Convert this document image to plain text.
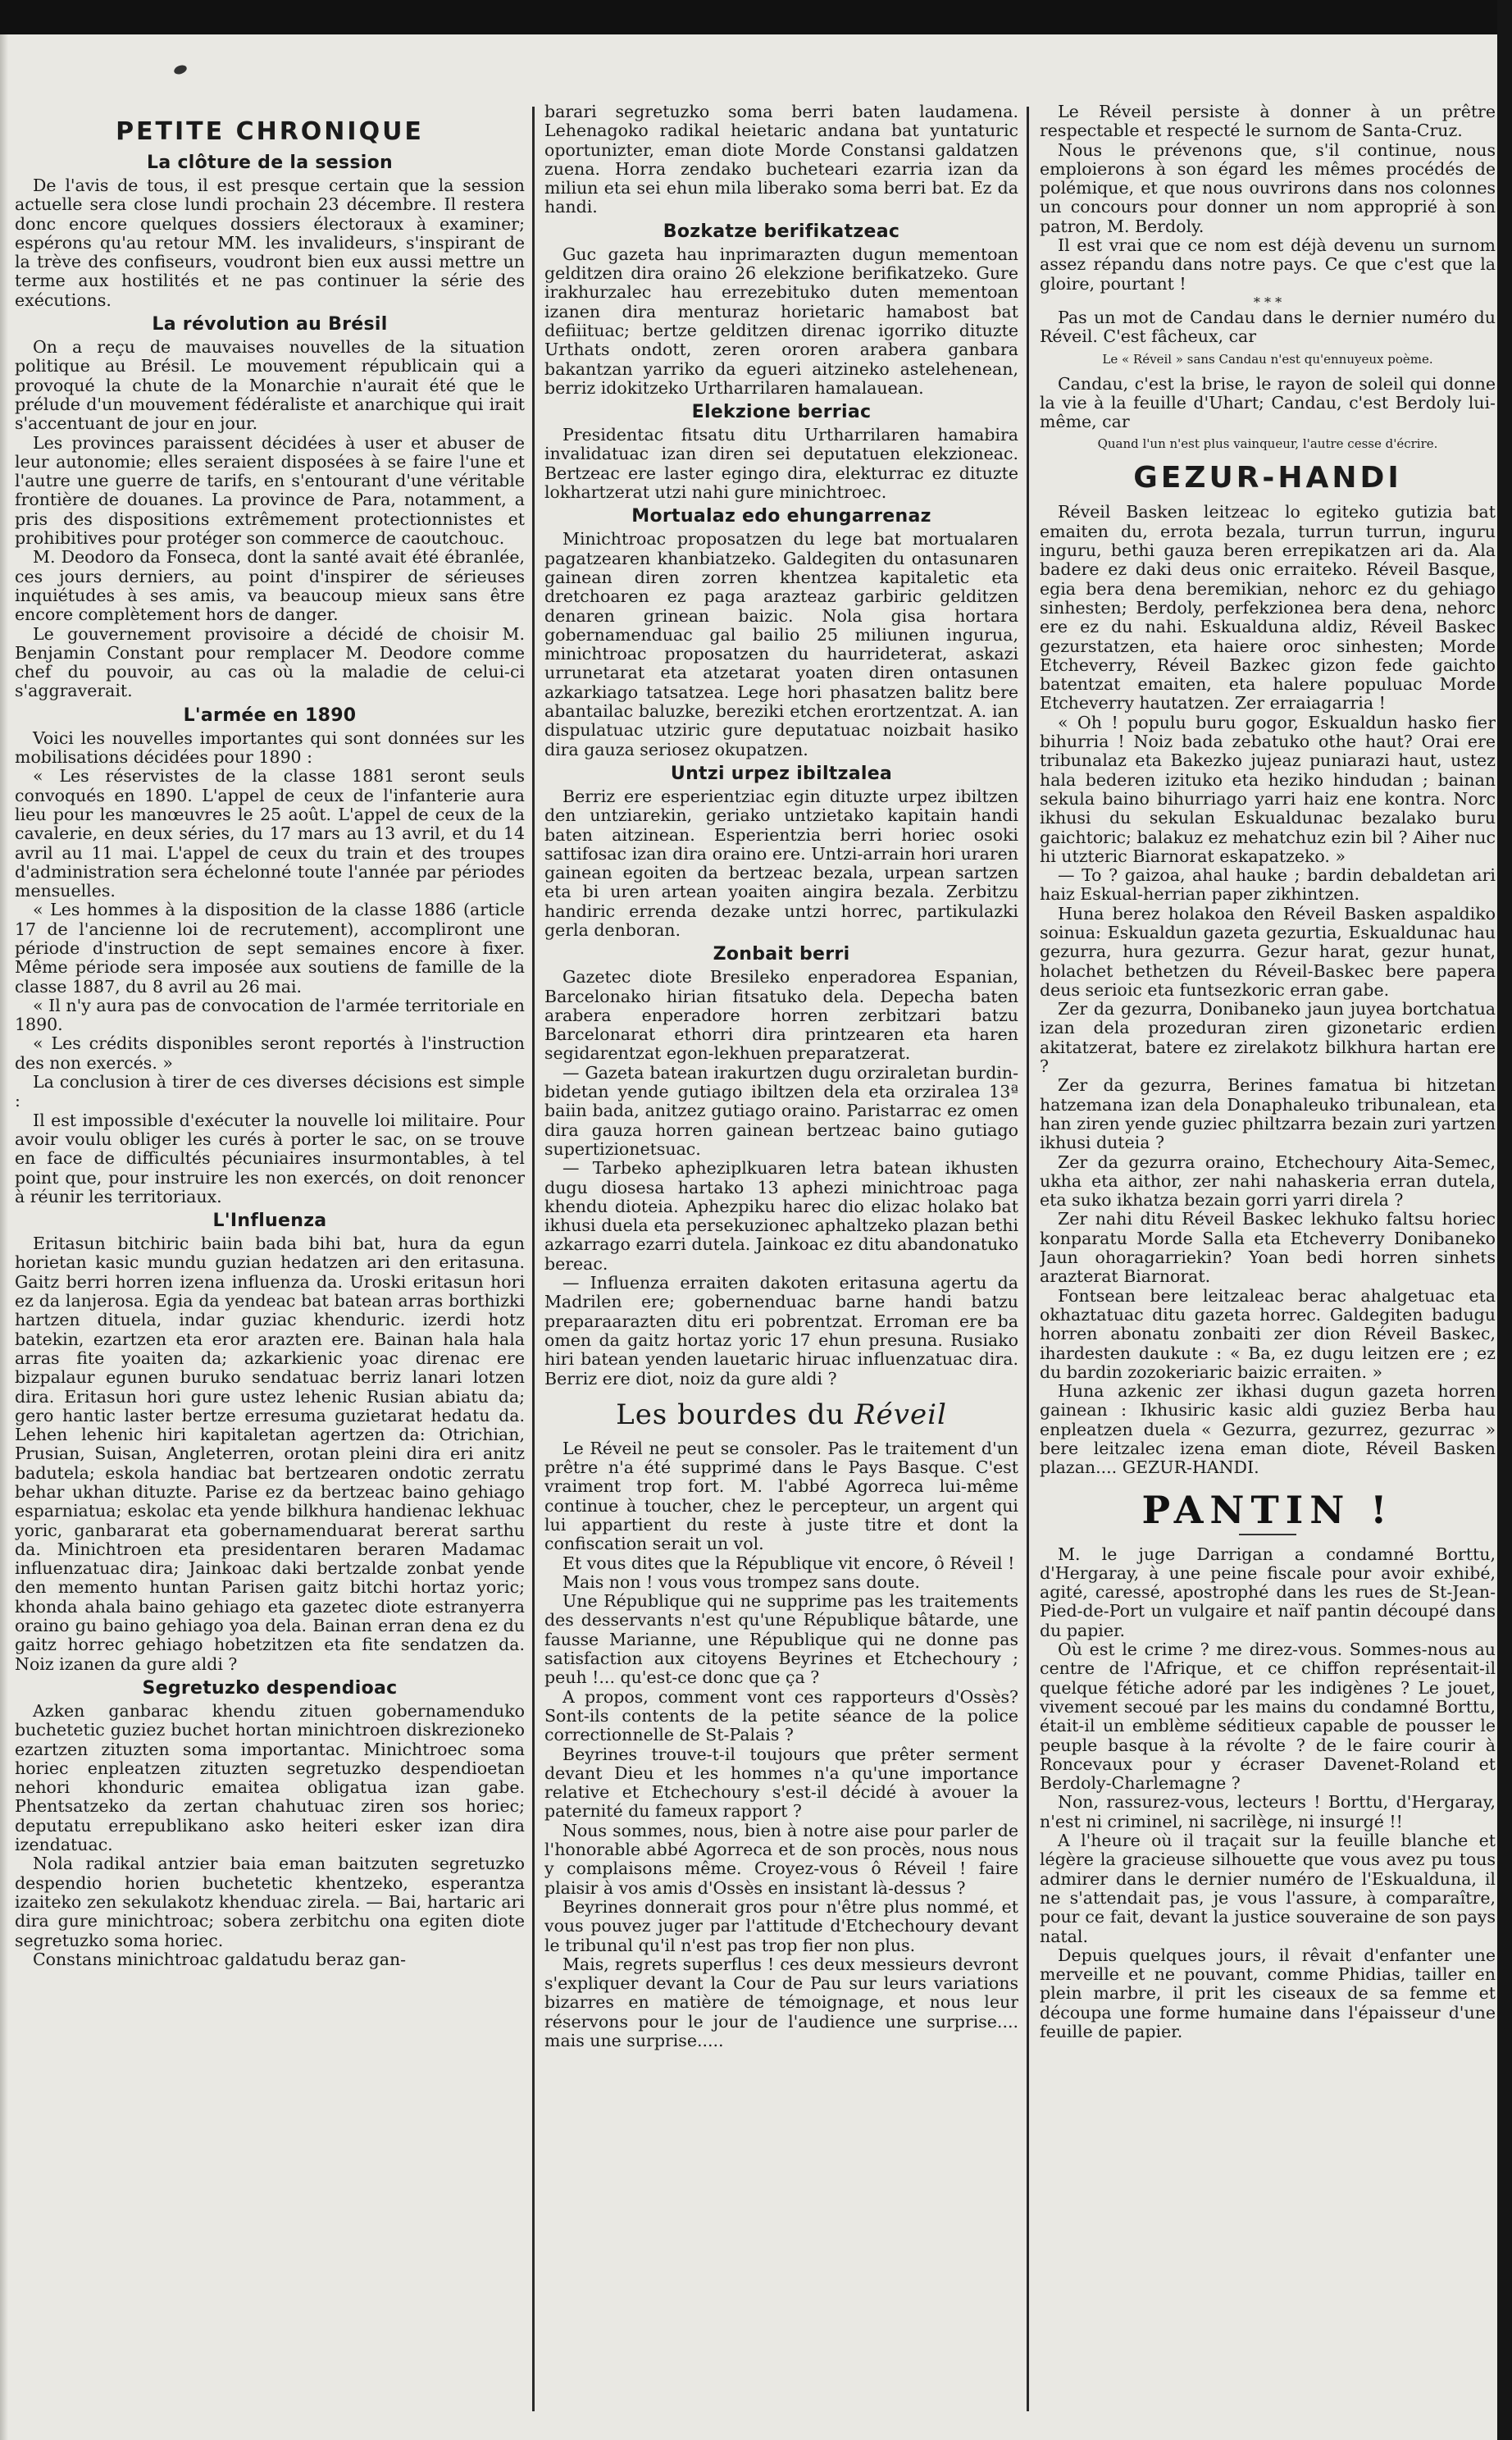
PETITE CHRONIQUE
La clôture de la session

De l'avis de tous, il est presque certain que la session actuelle sera close lundi prochain 23 décembre. Il restera donc encore quelques dossiers électoraux à examiner; espérons qu'au retour MM. les invalideurs, s'inspirant de la trève des confiseurs, voudront bien eux aussi mettre un terme aux hostilités et ne pas continuer la série des exécutions.

La révolution au Brésil

On a reçu de mauvaises nouvelles de la situation politique au Brésil. Le mouvement républicain qui a provoqué la chute de la Monarchie n'aurait été que le prélude d'un mouvement fédéraliste et anarchique qui irait s'accentuant de jour en jour.

Les provinces paraissent décidées à user et abuser de leur autonomie; elles seraient disposées à se faire l'une et l'autre une guerre de tarifs, en s'entourant d'une véritable frontière de douanes. La province de Para, notamment, a pris des dispositions extrêmement protectionnistes et prohibitives pour protéger son commerce de caoutchouc.

M. Deodoro da Fonseca, dont la santé avait été ébranlée, ces jours derniers, au point d'inspirer de sérieuses inquiétudes à ses amis, va beaucoup mieux sans être encore complètement hors de danger.

Le gouvernement provisoire a décidé de choisir M. Benjamin Constant pour remplacer M. Deodore comme chef du pouvoir, au cas où la maladie de celui-ci s'aggraverait.

L'armée en 1890

Voici les nouvelles importantes qui sont données sur les mobilisations décidées pour 1890 :

« Les réservistes de la classe 1881 seront seuls convoqués en 1890. L'appel de ceux de l'infanterie aura lieu pour les manœuvres le 25 août. L'appel de ceux de la cavalerie, en deux séries, du 17 mars au 13 avril, et du 14 avril au 11 mai. L'appel de ceux du train et des troupes d'administration sera échelonné toute l'année par périodes mensuelles.

« Les hommes à la disposition de la classe 1886 (article 17 de l'ancienne loi de recrutement), accompliront une période d'instruction de sept semaines encore à fixer. Même période sera imposée aux soutiens de famille de la classe 1887, du 8 avril au 26 mai.

« Il n'y aura pas de convocation de l'armée territoriale en 1890.

« Les crédits disponibles seront reportés à l'instruction des non exercés. »

La conclusion à tirer de ces diverses décisions est simple :

Il est impossible d'exécuter la nouvelle loi militaire. Pour avoir voulu obliger les curés à porter le sac, on se trouve en face de difficultés pécuniaires insurmontables, à tel point que, pour instruire les non exercés, on doit renoncer à réunir les territoriaux.

L'Influenza

Eritasun bitchiric baiin bada bihi bat, hura da egun horietan kasic mundu guzian hedatzen ari den eritasuna. Gaitz berri horren izena influenza da. Uroski eritasun hori ez da lanjerosa. Egia da yendeac bat batean arras borthizki hartzen dituela, indar guziac khenduric. izerdi hotz batekin, ezartzen eta eror arazten ere. Bainan hala hala arras fite yoaiten da; azkarkienic yoac direnac ere bizpalaur egunen buruko sendatuac berriz lanari lotzen dira. Eritasun hori gure ustez lehenic Rusian abiatu da; gero hantic laster bertze erresuma guzietarat hedatu da. Lehen lehenic hiri kapitaletan agertzen da: Otrichian, Prusian, Suisan, Angleterren, orotan pleini dira eri anitz badutela; eskola handiac bat bertzearen ondotic zerratu behar ukhan dituzte. Parise ez da bertzeac baino gehiago esparniatua; eskolac eta yende bilkhura handienac lekhuac yoric, ganbararat eta gobernamenduarat bererat sarthu da. Minichtroen eta presidentaren beraren Madamac influenzatuac dira; Jainkoac daki bertzalde zonbat yende den memento huntan Parisen gaitz bitchi hortaz yoric; khonda ahala baino gehiago eta gazetec diote estranyerra oraino gu baino gehiago yoa dela. Bainan erran dena ez du gaitz horrec gehiago hobetzitzen eta fite sendatzen da. Noiz izanen da gure aldi ?

Segretuzko despendioac

Azken ganbarac khendu zituen gobernamenduko buchetetic guziez buchet hortan minichtroen diskrezioneko ezartzen zituzten soma importantac. Minichtroec soma horiec enpleatzen zituzten segretuzko despendioetan nehori khonduric emaitea obligatua izan gabe. Phentsatzeko da zertan chahutuac ziren sos horiec; deputatu errepublikano asko heiteri esker izan dira izendatuac.

Nola radikal antzier baia eman baitzuten segretuzko despendio horien buchetetic khentzeko, esperantza izaiteko zen sekulakotz khenduac zirela. — Bai, hartaric ari dira gure minichtroac; sobera zerbitchu ona egiten diote segretuzko soma horiec.

Constans minichtroac galdatudu beraz gan-

barari segretuzko soma berri baten laudamena. Lehenagoko radikal heietaric andana bat yuntaturic oportunizter, eman diote Morde Constansi galdatzen zuena. Horra zendako bucheteari ezarria izan da miliun eta sei ehun mila liberako soma berri bat. Ez da handi.

Bozkatze berifikatzeac

Guc gazeta hau inprimarazten dugun mementoan gelditzen dira oraino 26 elekzione berifikatzeko. Gure irakhurzalec hau errezebituko duten mementoan izanen dira menturaz horietaric hamabost bat defiiituac; bertze gelditzen direnac igorriko dituzte Urthats ondott, zeren ororen arabera ganbara bakantzan yarriko da egueri aitzineko astelehenean, berriz idokitzeko Urtharrilaren hamalauean.

Elekzione berriac

Presidentac fitsatu ditu Urtharrilaren hamabira invalidatuac izan diren sei deputatuen elekzioneac. Bertzeac ere laster egingo dira, elekturrac ez dituzte lokhartzerat utzi nahi gure minichtroec.

Mortualaz edo ehungarrenaz

Minichtroac proposatzen du lege bat mortualaren pagatzearen khanbiatzeko. Galdegiten du ontasunaren gainean diren zorren khentzea kapitaletic eta dretchoaren ez paga arazteaz garbiric gelditzen denaren grinean baizic. Nola gisa hortara gobernamenduac gal bailio 25 miliunen ingurua, minichtroac proposatzen du haurrideterat, askazi urrunetarat eta atzetarat yoaten diren ontasunen azkarkiago tatsatzea. Lege hori phasatzen balitz bere abantailac baluzke, bereziki etchen erortzentzat. A. ian dispulatuac utziric gure deputatuac noizbait hasiko dira gauza seriosez okupatzen.

Untzi urpez ibiltzalea

Berriz ere esperientziac egin dituzte urpez ibiltzen den untziarekin, geriako untzietako kapitain handi baten aitzinean. Esperientzia berri horiec osoki sattifosac izan dira oraino ere. Untzi-arrain hori uraren gainean egoiten da bertzeac bezala, urpean sartzen eta bi uren artean yoaiten aingira bezala. Zerbitzu handiric errenda dezake untzi horrec, partikulazki gerla denboran.

Zonbait berri

Gazetec diote Bresileko enperadorea Espanian, Barcelonako hirian fitsatuko dela. Depecha baten arabera enperadore horren zerbitzari batzu Barcelonarat ethorri dira printzearen eta haren segidarentzat egon-lekhuen preparatzerat.

— Gazeta batean irakurtzen dugu orziraletan burdin-bidetan yende gutiago ibiltzen dela eta orziralea 13ª baiin bada, anitzez gutiago oraino. Paristarrac ez omen dira gauza horren gainean bertzeac baino gutiago supertizionetsuac.

— Tarbeko apheziplkuaren letra batean ikhusten dugu diosesa hartako 13 aphezi minichtroac paga khendu dioteia. Aphezpiku harec dio elizac holako bat ikhusi duela eta persekuzionec aphaltzeko plazan bethi azkarrago ezarri dutela. Jainkoac ez ditu abandonatuko bereac.

— Influenza erraiten dakoten eritasuna agertu da Madrilen ere; gobernenduac barne handi batzu preparaarazten ditu eri pobrentzat. Erroman ere ba omen da gaitz hortaz yoric 17 ehun presuna. Rusiako hiri batean yenden lauetaric hiruac influenzatuac dira. Berriz ere diot, noiz da gure aldi ?

Les bourdes du Réveil

Le Réveil ne peut se consoler. Pas le traitement d'un prêtre n'a été supprimé dans le Pays Basque. C'est vraiment trop fort. M. l'abbé Agorreca lui-même continue à toucher, chez le percepteur, un argent qui lui appartient du reste à juste titre et dont la confiscation serait un vol.

Et vous dites que la République vit encore, ô Réveil !

Mais non ! vous vous trompez sans doute.

Une République qui ne supprime pas les traitements des desservants n'est qu'une République bâtarde, une fausse Marianne, une République qui ne donne pas satisfaction aux citoyens Beyrines et Etchechoury ; peuh !... qu'est-ce donc que ça ?

A propos, comment vont ces rapporteurs d'Ossès? Sont-ils contents de la petite séance de la police correctionnelle de St-Palais ?

Beyrines trouve-t-il toujours que prêter serment devant Dieu et les hommes n'a qu'une importance relative et Etchechoury s'est-il décidé à avouer la paternité du fameux rapport ?

Nous sommes, nous, bien à notre aise pour parler de l'honorable abbé Agorreca et de son procès, nous nous y complaisons même. Croyez-vous ô Réveil ! faire plaisir à vos amis d'Ossès en insistant là-dessus ?

Beyrines donnerait gros pour n'être plus nommé, et vous pouvez juger par l'attitude d'Etchechoury devant le tribunal qu'il n'est pas trop fier non plus.

Mais, regrets superflus ! ces deux messieurs devront s'expliquer devant la Cour de Pau sur leurs variations bizarres en matière de témoignage, et nous leur réservons pour le jour de l'audience une surprise.... mais une surprise.....

Le Réveil persiste à donner à un prêtre respectable et respecté le surnom de Santa-Cruz.

Nous le prévenons que, s'il continue, nous emploierons à son égard les mêmes procédés de polémique, et que nous ouvrirons dans nos colonnes un concours pour donner un nom approprié à son patron, M. Berdoly.

Il est vrai que ce nom est déjà devenu un surnom assez répandu dans notre pays. Ce que c'est que la gloire, pourtant !

* * *

Pas un mot de Candau dans le dernier numéro du Réveil. C'est fâcheux, car

Le « Réveil » sans Candau n'est qu'ennuyeux poème.

Candau, c'est la brise, le rayon de soleil qui donne la vie à la feuille d'Uhart; Candau, c'est Berdoly lui-même, car

Quand l'un n'est plus vainqueur, l'autre cesse d'écrire.
GEZUR-HANDI

Réveil Basken leitzeac lo egiteko gutizia bat emaiten du, errota bezala, turrun turrun, inguru inguru, bethi gauza beren errepikatzen ari da. Ala badere ez daki deus onic erraiteko. Réveil Basque, egia bera dena beremikian, nehorc ez du gehiago sinhesten; Berdoly, perfekzionea bera dena, nehorc ere ez du nahi. Eskualduna aldiz, Réveil Baskec gezurstatzen, eta haiere oroc sinhesten; Morde Etcheverry, Réveil Bazkec gizon fede gaichto batentzat emaiten, eta halere populuac Morde Etcheverry hautatzen. Zer erraiagarria !

« Oh ! populu buru gogor, Eskualdun hasko fier bihurria ! Noiz bada zebatuko othe haut? Orai ere tribunalaz eta Bakezko jujeaz puniarazi haut, ustez hala bederen izituko eta heziko hindudan ; bainan sekula baino bihurriago yarri haiz ene kontra. Norc ikhusi du sekulan Eskualdunac bezalako buru gaichtoric; balakuz ez mehatchuz ezin bil ? Aiher nuc hi utzteric Biarnorat eskapatzeko. »

— To ? gaizoa, ahal hauke ; bardin debaldetan ari haiz Eskual-herrian paper zikhintzen.

Huna berez holakoa den Réveil Basken aspaldiko soinua: Eskualdun gazeta gezurtia, Eskualdunac hau gezurra, hura gezurra. Gezur harat, gezur hunat, holachet bethetzen du Réveil-Baskec bere papera deus serioic eta funtsezkoric erran gabe.

Zer da gezurra, Donibaneko jaun juyea bortchatua izan dela prozeduran ziren gizonetaric erdien akitatzerat, batere ez zirelakotz bilkhura hartan ere ?

Zer da gezurra, Berines famatua bi hitzetan hatzemana izan dela Donaphaleuko tribunalean, eta han ziren yende guziec philtzarra bezain zuri yartzen ikhusi duteia ?

Zer da gezurra oraino, Etchechoury Aita-Semec, ukha eta aithor, zer nahi nahaskeria erran dutela, eta suko ikhatza bezain gorri yarri direla ?

Zer nahi ditu Réveil Baskec lekhuko faltsu horiec konparatu Morde Salla eta Etcheverry Donibaneko Jaun ohoragarriekin? Yoan bedi horren sinhets arazterat Biarnorat.

Fontsean bere leitzaleac berac ahalgetuac eta okhaztatuac ditu gazeta horrec. Galdegiten badugu horren abonatu zonbaiti zer dion Réveil Baskec, ihardesten daukute : « Ba, ez dugu leitzen ere ; ez du bardin zozokeriaric baizic erraiten. »

Huna azkenic zer ikhasi dugun gazeta horren gainean : Ikhusiric kasic aldi guziez Berba hau enpleatzen duela « Gezurra, gezurrez, gezurrac » bere leitzalec izena eman diote, Réveil Basken plazan.... GEZUR-HANDI.

PANTIN !

M. le juge Darrigan a condamné Borttu, d'Hergaray, à une peine fiscale pour avoir exhibé, agité, caressé, apostrophé dans les rues de St-Jean-Pied-de-Port un vulgaire et naïf pantin découpé dans du papier.

Où est le crime ? me direz-vous. Sommes-nous au centre de l'Afrique, et ce chiffon représentait-il quelque fétiche adoré par les indigènes ? Le jouet, vivement secoué par les mains du condamné Borttu, était-il un emblème séditieux capable de pousser le peuple basque à la révolte ? de le faire courir à Roncevaux pour y écraser Davenet-Roland et Berdoly-Charlemagne ?

Non, rassurez-vous, lecteurs ! Borttu, d'Hergaray, n'est ni criminel, ni sacrilège, ni insurgé !!

A l'heure où il traçait sur la feuille blanche et légère la gracieuse silhouette que vous avez pu tous admirer dans le dernier numéro de l'Eskualduna, il ne s'attendait pas, je vous l'assure, à comparaître, pour ce fait, devant la justice souveraine de son pays natal.

Depuis quelques jours, il rêvait d'enfanter une merveille et ne pouvant, comme Phidias, tailler en plein marbre, il prit les ciseaux de sa femme et découpa une forme humaine dans l'épaisseur d'une feuille de papier.
